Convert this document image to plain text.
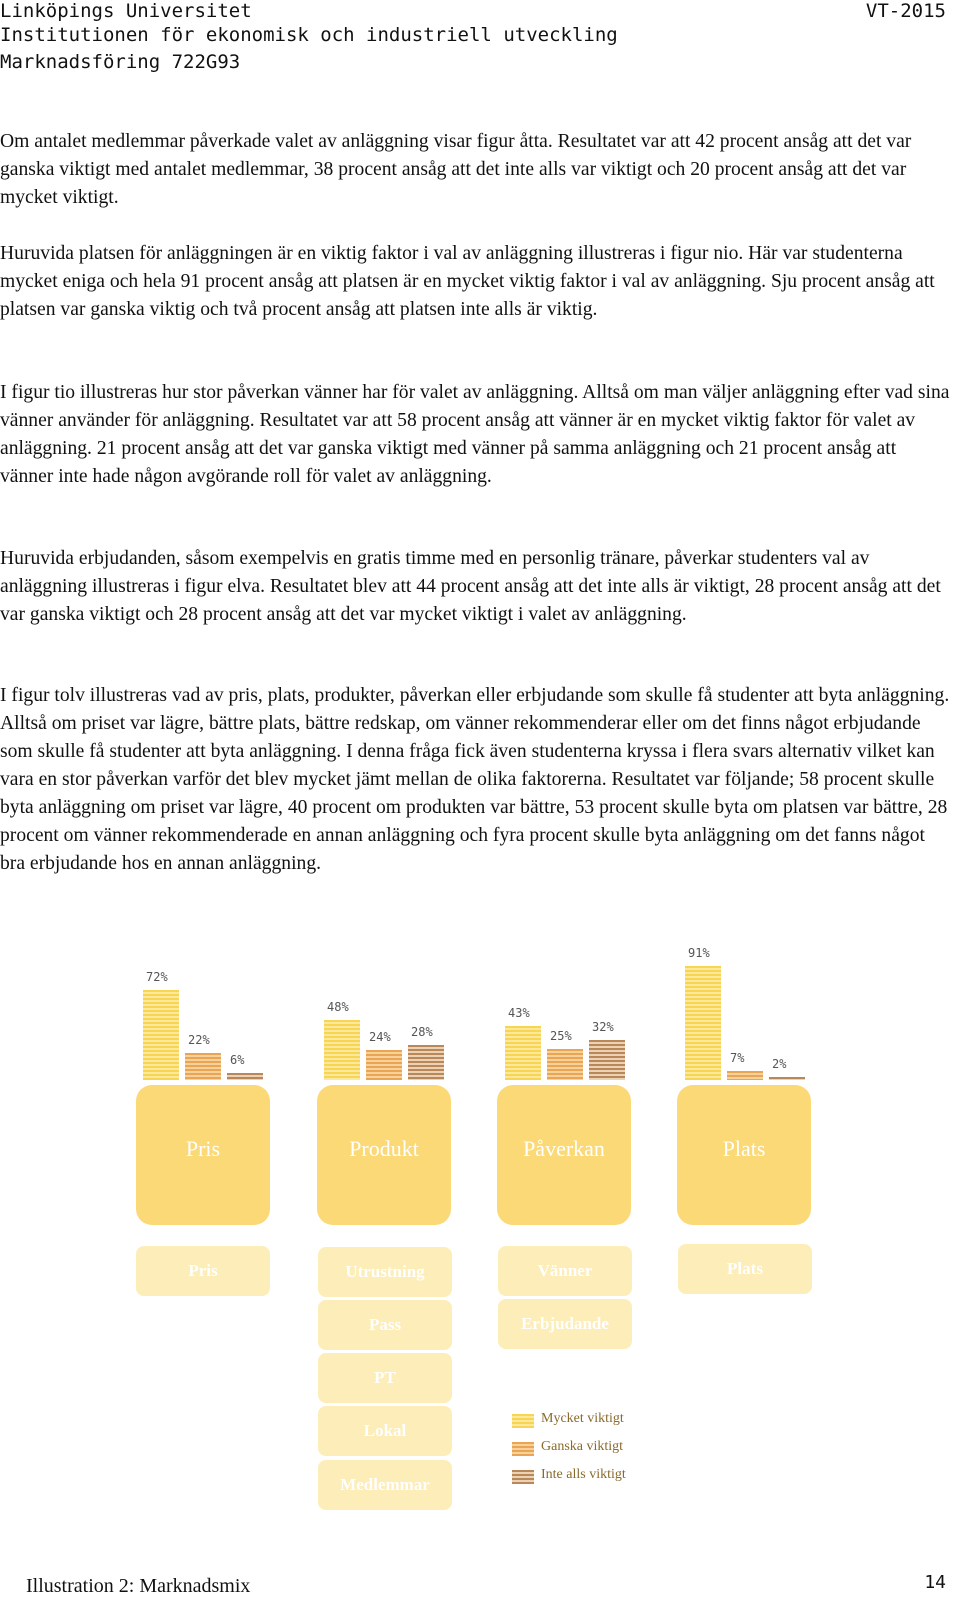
Linköpings Universitet
Institutionen för ekonomisk och industriell utveckling
Marknadsföring 722G93
VT-2015

Om antalet medlemmar påverkade valet av anläggning visar figur åtta. Resultatet var att 42 procent ansåg att det var ganska viktigt med antalet medlemmar, 38 procent ansåg att det inte alls var viktigt och 20 procent ansåg att det var mycket viktigt.

Huruvida platsen för anläggningen är en viktig faktor i val av anläggning illustreras i figur nio. Här var studenterna mycket eniga och hela 91 procent ansåg att platsen är en mycket viktig faktor i val av anläggning. Sju procent ansåg att platsen var ganska viktig och två procent ansåg att platsen inte alls är viktig.

I figur tio illustreras hur stor påverkan vänner har för valet av anläggning. Alltså om man väljer anläggning efter vad sina vänner använder för anläggning. Resultatet var att 58 procent ansåg att vänner är en mycket viktig faktor för valet av anläggning. 21 procent ansåg att det var ganska viktigt med vänner på samma anläggning och 21 procent ansåg att vänner inte hade någon avgörande roll för valet av anläggning.

Huruvida erbjudanden, såsom exempelvis en gratis timme med en personlig tränare, påverkar studenters val av anläggning illustreras i figur elva. Resultatet blev att 44 procent ansåg att det inte alls är viktigt, 28 procent ansåg att det var ganska viktigt och 28 procent ansåg att det var mycket viktigt i valet av anläggning.

I figur tolv illustreras vad av pris, plats, produkter, påverkan eller erbjudande som skulle få studenter att byta anläggning. Alltså om priset var lägre, bättre plats, bättre redskap, om vänner rekommenderar eller om det finns något erbjudande som skulle få studenter att byta anläggning. I denna fråga fick även studenterna kryssa i flera svars alternativ vilket kan vara en stor påverkan varför det blev mycket jämt mellan de olika faktorerna. Resultatet var följande; 58 procent skulle byta anläggning om priset var lägre, 40 procent om produkten var bättre, 53 procent skulle byta om platsen var bättre, 28 procent om vänner rekommenderade en annan anläggning och fyra procent skulle byta anläggning om det fanns något bra erbjudande hos en annan anläggning.

Pris	Produkt	Påverkan	Plats
Pris	Utrustning
Pass
PT
Lokal
Medlemmar
Vänner
Erbjudande
Plats
Mycket viktigt
Ganska viktigt
Inte alls viktigt
72%
22%
6%
48%
24% 28%
43%
25%
32%
91%
7% 2%
Illustration 2: Marknadsmix	14
